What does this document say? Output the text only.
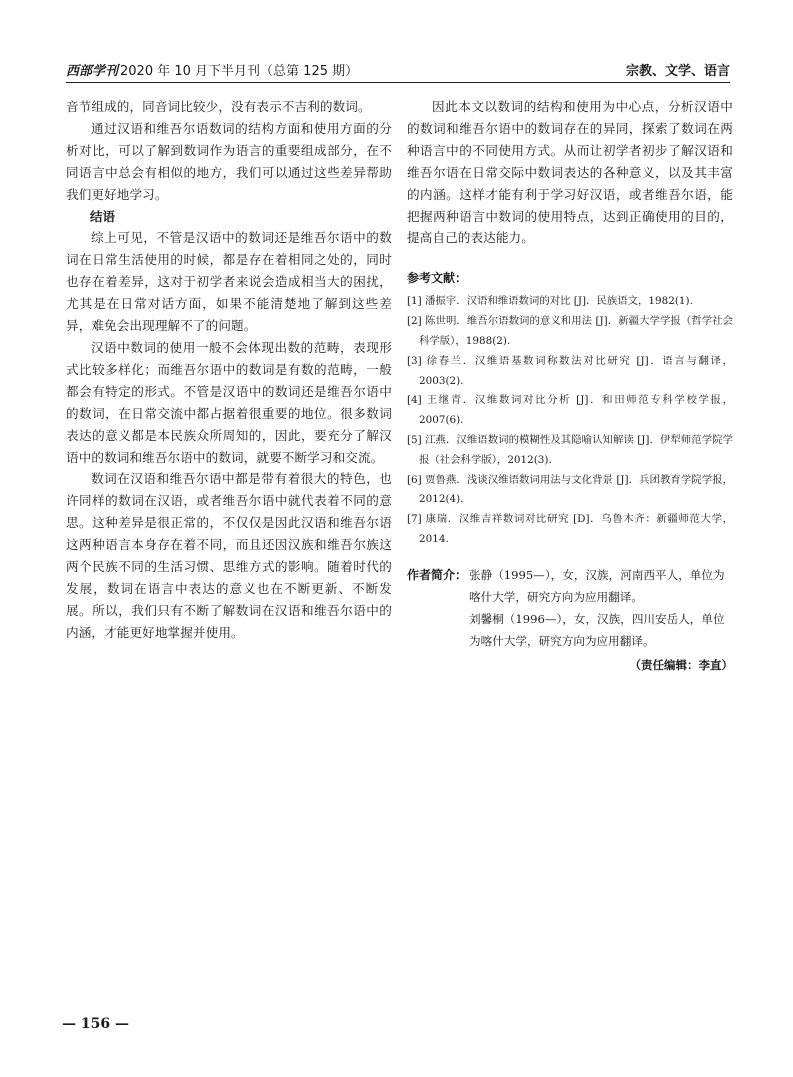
西部学刊 2020 年 10 月下半月刊（总第 125 期）	宗教、文学、语言

音节组成的，同音词比较少，没有表示不吉利的数词。

通过汉语和维吾尔语数词的结构方面和使用方面的分析对比，可以了解到数词作为语言的重要组成部分，在不同语言中总会有相似的地方，我们可以通过这些差异帮助我们更好地学习。

结语

综上可见，不管是汉语中的数词还是维吾尔语中的数词在日常生活使用的时候，都是存在着相同之处的，同时也存在着差异，这对于初学者来说会造成相当大的困扰，尤其是在日常对话方面，如果不能清楚地了解到这些差异，难免会出现理解不了的问题。

汉语中数词的使用一般不会体现出数的范畴，表现形式比较多样化；而维吾尔语中的数词是有数的范畴，一般都会有特定的形式。不管是汉语中的数词还是维吾尔语中的数词，在日常交流中都占据着很重要的地位。很多数词表达的意义都是本民族众所周知的，因此，要充分了解汉语中的数词和维吾尔语中的数词，就要不断学习和交流。

数词在汉语和维吾尔语中都是带有着很大的特色，也许同样的数词在汉语，或者维吾尔语中就代表着不同的意思。这种差异是很正常的，不仅仅是因此汉语和维吾尔语这两种语言本身存在着不同，而且还因汉族和维吾尔族这两个民族不同的生活习惯、思维方式的影响。随着时代的发展，数词在语言中表达的意义也在不断更新、不断发展。所以，我们只有不断了解数词在汉语和维吾尔语中的内涵，才能更好地掌握并使用。

因此本文以数词的结构和使用为中心点，分析汉语中的数词和维吾尔语中的数词存在的异同，探索了数词在两种语言中的不同使用方式。从而让初学者初步了解汉语和维吾尔语在日常交际中数词表达的各种意义，以及其丰富的内涵。这样才能有利于学习好汉语，或者维吾尔语，能把握两种语言中数词的使用特点，达到正确使用的目的，提高自己的表达能力。

参考文献：
[1] 潘振宇．汉语和维语数词的对比 [J]．民族语文，1982(1).
[2] 陈世明．维吾尔语数词的意义和用法 [J]．新疆大学学报（哲学社会科学版），1988(2).
[3] 徐春兰．汉维语基数词称数法对比研究 [J]．语言与翻译，2003(2).
[4] 王继青．汉维数词对比分析 [J]．和田师范专科学校学报，2007(6).
[5] 江燕．汉维语数词的模糊性及其隐喻认知解读 [J]．伊犁师范学院学报（社会科学版），2012(3).
[6] 贾鲁燕．浅谈汉维语数词用法与文化背景 [J]．兵团教育学院学报，2012(4).
[7] 康瑞．汉维吉祥数词对比研究 [D]．乌鲁木齐：新疆师范大学，2014.
作者简介： 张静（1995—），女，汉族，河南西平人，单位为喀什大学，研究方向为应用翻译。
刘馨桐（1996—），女，汉族，四川安岳人，单位为喀什大学，研究方向为应用翻译。
（责任编辑：李直）
— 156 —
